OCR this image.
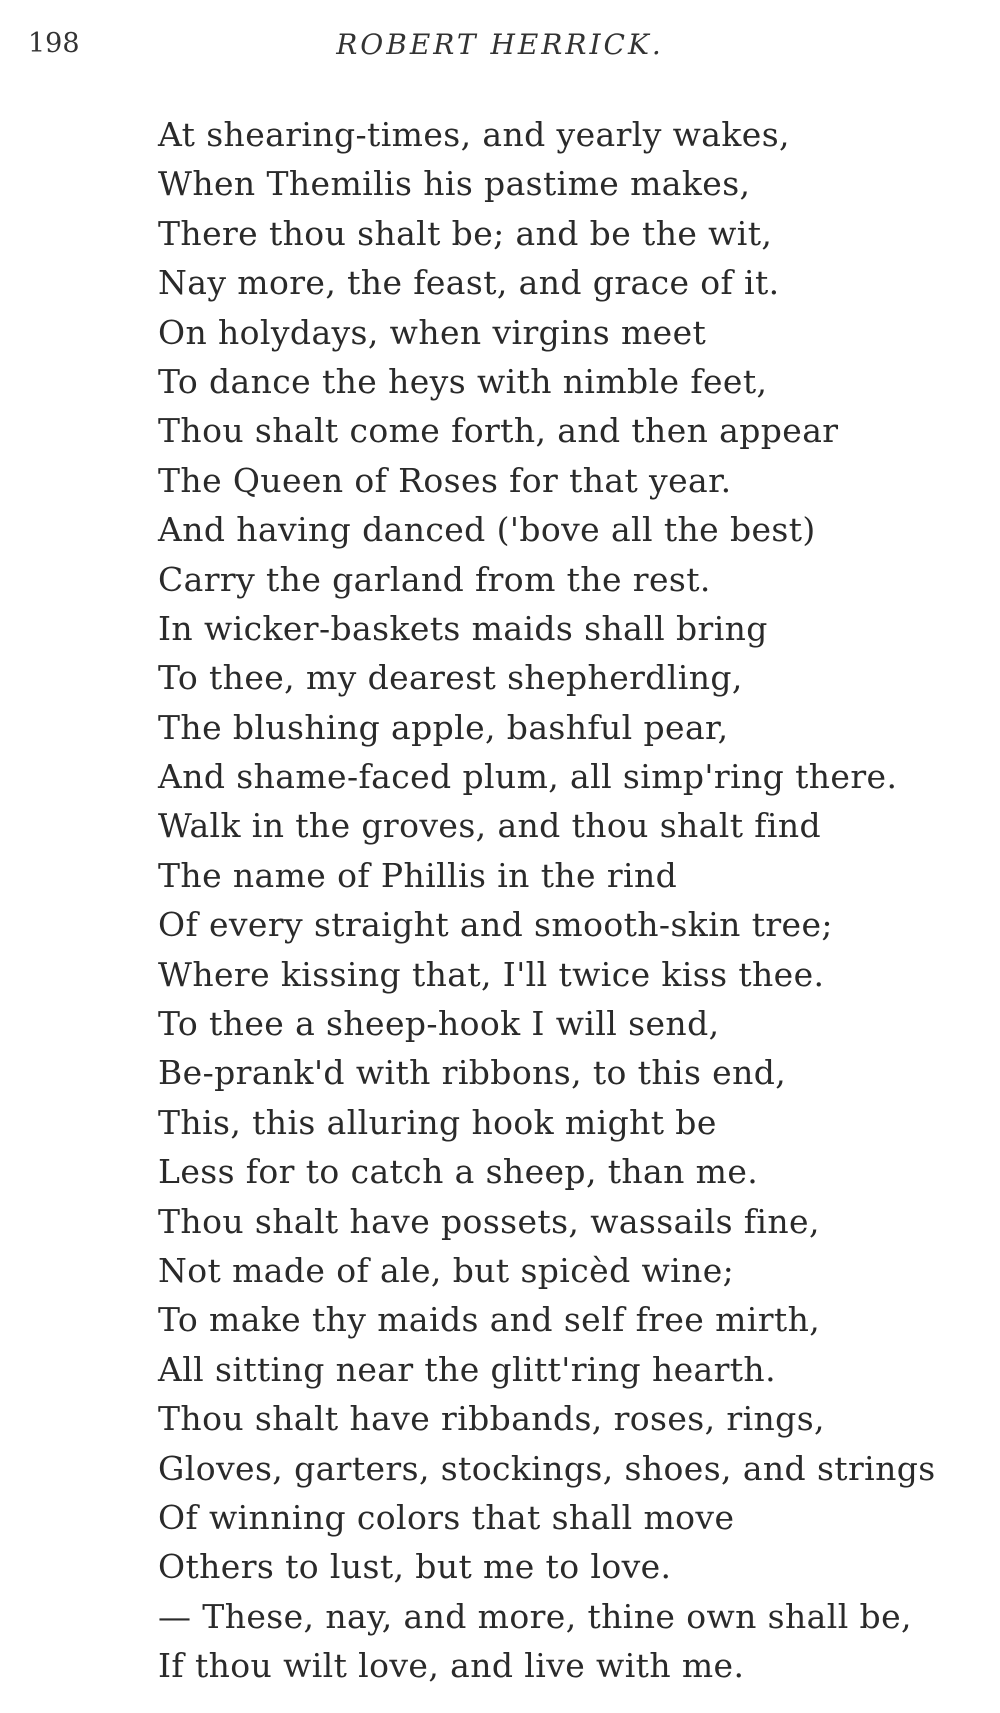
198	ROBERT HERRICK.
At shearing-times, and yearly wakes,
When Themilis his pastime makes,
There thou shalt be; and be the wit,
Nay more, the feast, and grace of it.
On holydays, when virgins meet
To dance the heys with nimble feet,
Thou shalt come forth, and then appear
The Queen of Roses for that year.
And having danced ('bove all the best)
Carry the garland from the rest.
In wicker-baskets maids shall bring
To thee, my dearest shepherdling,
The blushing apple, bashful pear,
And shame-faced plum, all simp'ring there.
Walk in the groves, and thou shalt find
The name of Phillis in the rind
Of every straight and smooth-skin tree;
Where kissing that, I'll twice kiss thee.
To thee a sheep-hook I will send,
Be-prank'd with ribbons, to this end,
This, this alluring hook might be
Less for to catch a sheep, than me.
Thou shalt have possets, wassails fine,
Not made of ale, but spicèd wine;
To make thy maids and self free mirth,
All sitting near the glitt'ring hearth.
Thou shalt have ribbands, roses, rings,
Gloves, garters, stockings, shoes, and strings
Of winning colors that shall move
Others to lust, but me to love.
— These, nay, and more, thine own shall be,
If thou wilt love, and live with me.
